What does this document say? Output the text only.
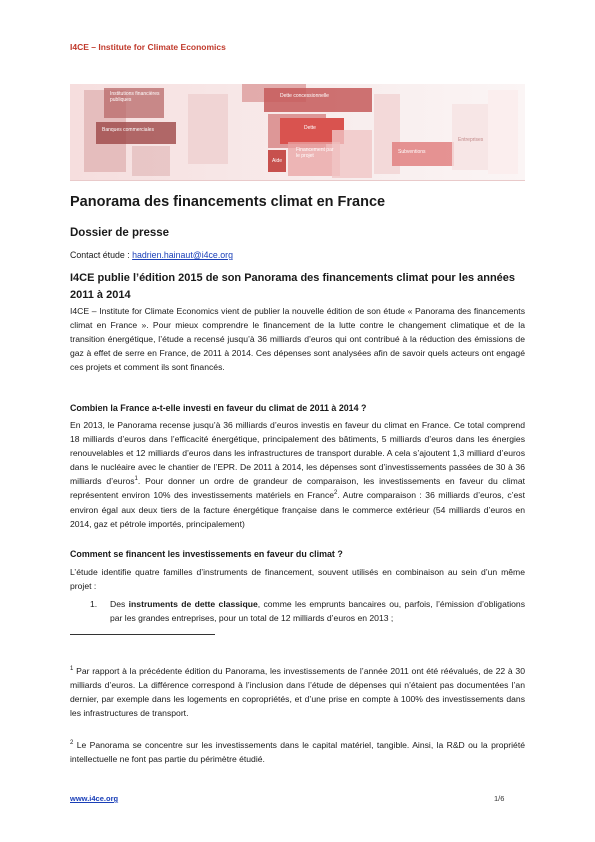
I4CE – Institute for Climate Economics
Institutions financières publiques
Banques commerciales
Dette concessionnelle
Dette
Aide
Financement par le projet
Subventions
Entreprises
Panorama des financements climat en France
Dossier de presse
Contact étude : hadrien.hainaut@i4ce.org
I4CE publie l’édition 2015 de son Panorama des financements climat pour les années 2011 à 2014

I4CE – Institute for Climate Economics vient de publier la nouvelle édition de son étude « Panorama des financements climat en France ». Pour mieux comprendre le financement de la lutte contre le changement climatique et de la transition énergétique, l’étude a recensé jusqu’à 36 milliards d’euros qui ont contribué à la réduction des émissions de gaz à effet de serre en France, de 2011 à 2014. Ces dépenses sont analysées afin de savoir quels acteurs ont engagé ces projets et comment ils sont financés.

Combien la France a-t-elle investi en faveur du climat de 2011 à 2014 ?

En 2013, le Panorama recense jusqu’à 36 milliards d’euros investis en faveur du climat en France. Ce total comprend 18 milliards d’euros dans l’efficacité énergétique, principalement des bâtiments, 5 milliards d’euros dans les énergies renouvelables et 12 milliards d’euros dans les infrastructures de transport durable. A cela s’ajoutent 1,3 milliard d’euros dans le nucléaire avec le chantier de l’EPR. De 2011 à 2014, les dépenses sont d’investissements passées de 30 à 36 milliards d’euros$^1$. Pour donner un ordre de grandeur de comparaison, les investissements en faveur du climat représentent environ 10% des investissements matériels en France$^2$. Autre comparaison : 36 milliards d’euros, c’est environ égal aux deux tiers de la facture énergétique française dans le commerce extérieur (54 milliards d’euros en 2014, gaz et pétrole importés, principalement)

Comment se financent les investissements en faveur du climat ?

L’étude identifie quatre familles d’instruments de financement, souvent utilisés en combinaison au sein d’un même projet :

1. Des instruments de dette classique, comme les emprunts bancaires ou, parfois, l’émission d’obligations par les grandes entreprises, pour un total de 12 milliards d’euros en 2013 ;

$^1$ Par rapport à la précédente édition du Panorama, les investissements de l’année 2011 ont été réévalués, de 22 à 30 milliards d’euros. La différence correspond à l’inclusion dans l’étude de dépenses qui n’étaient pas documentées l’an dernier, par exemple dans les logements en copropriétés, et d’une prise en compte à 100% des investissements dans les infrastructures de transport.

$^2$ Le Panorama se concentre sur les investissements dans le capital matériel, tangible. Ainsi, la R&D ou la propriété intellectuelle ne font pas partie du périmètre étudié.

www.i4ce.org	1/6
